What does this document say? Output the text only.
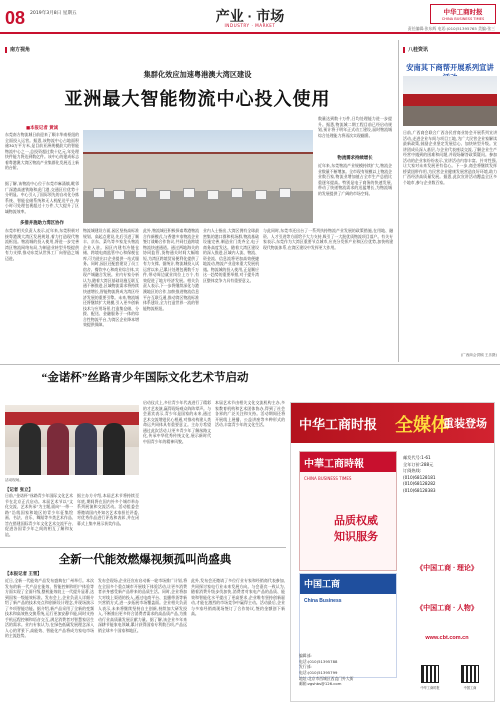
08 2019年3月8日 星期五	产业 · 市场
INDUSTRY · MARKET
责任编辑:张东辉 电话:(010)51395765 美编:张三
中华工商时报
CHINA BUSINESS TIMES
南方视角
集群化效应加速粤港澳大湾区建设
亚洲最大智能物流中心投入使用
■本报记者 黄诚
东莞南方物流城日前迎来了顺丰华南枢纽的全面投入运营。据悉,该物流中心占地面积逾30万平方米,是目前亚洲规模最大的智能物流中心之一,总投资超过数十亿元,年处理快件能力将达到数亿件。该中心的建成标志着粤港澳大湾区物流产业集群化发展迈上新的台阶。
据了解,该物流中心位于东莞市麻涌镇,毗邻广深港高速铁路和虎门港,交通区位优势十分明显。中心引入了国际领先的自动化分拣系统、智能仓储系统和无人机配送平台,每小时可处理包裹超过十万件,大大提升了区域物流效率。
多措并施助力湾区协作
东莞市相关负责人表示,近年来,东莞积极对接粤港澳大湾区发展规划,着力打造现代物流枢纽。物流城的投入使用,将进一步完善湾区物流网络布局,为制造业转型升级提供有力支撑,推动东莞从世界工厂向智造之城迈进。
物流城建设方面,园区坚持高标准规划、高起点建设,先后引进了顺丰、京东、菜鸟等多家龙头物流企业入驻。园区内建有冷链仓储、跨境电商监管中心和保税仓库,可为进出口企业提供一站式服务。同时,园区还配套建设了员工宿舍、餐饮中心和商业综合体,实现产城融合发展。业内专家分析认为,随着大湾区基础设施互联互通不断推进,区域物流需求将持续快速增长,智能物流将成为湾区经济发展的重要引擎。未来,物流城还将继续扩大规模,引入更多创新技术与应用场景,打造集仓储、分拨、配送、金融服务于一体的综合性物流平台,为湾区企业降本增效提供保障。
此外,物流城还积极探索粤港物流合作新模式,与香港多家物流企业签订战略合作协议,共同打造跨境物流快速通道。通过两地海关的协同监管,货物通关时间大幅缩短,为湾区跨境贸易便利化提供了有力支撑。据统计,物流城投入试运营以来,已累计处理包裹数千万件,带动周边就业岗位上万个,有效促进了地方经济发展。相关负责人表示,下一步将继续深化与港澳地区的合作,加快推进物流信息平台互联互通,推动湾区物流标准体系建设,全力打造世界一流的智能物流枢纽。
业内人士指出,大湾区拥有全球最密集的港口群和机场群,物流基础设施完善,制造业门类齐全,电子商务高度发达。随着大湾区建设的深入推进,区域内人流、物流、资金流、信息流将更加高效便捷地流动,物流产业迎来重大发展机遇。物流城的投入使用,正是顺应这一趋势的重要举措,对于提升湾区整体竞争力具有重要意义。
数量达到数十万件,日均处理能力进一步提升。据悉,物流城二期工程目前已经启动规划,预计将于明年正式动工建设,届时物流城综合处理能力将再次实现翻番。
物流需求持续增长
近年来,东莞物流产业规模持续扩大,物流企业数量不断增加。全市现有规模以上物流企业数百家,物流业增加值占全市生产总值比重逐年提高。特别是电子商务的快速发展,带动了快递物流需求的迅猛增长,为物流城的发展提供了广阔的市场空间。
与此同时,东莞市还出台了一系列扶持物流产业发展的政策措施,在用地、融资、人才引进等方面给予大力支持,吸引了一大批优质物流项目落户。有关专家表示,东莞作为大湾区重要节点城市,应充分发挥产业和区位优势,加快构建现代物流体系,在湾区建设中发挥更大作用。
八桂资讯
安南其下商帮开展系列宣讲
日前,广西商会联合广西各民营商业协会开展系列宣讲活动,走进企业车间与项目工地,为广大民营企业家解读最新政策,鼓励企业坚定发展信心、加快转型升级。宣讲团成员深入基层,与企业代表座谈交流,了解企业生产经营中遇到的困难和问题,并现场解答政策疑问。参加活动的企业家纷纷表示,宣讲活动内容丰富、针对性强,让大家对未来发展更有信心。下一步,商会将继续发挥桥梁纽带作用,为民营企业健康发展营造良好环境,助力广西经济高质量发展。据悉,此次宣讲活动覆盖全区多个地市,参与企业数百家。
(广西商会供稿 王乐摄)
“金诺杯”丝路青少年国际文化艺术节启动
活动现场。
【记者 张立】
日前,“金诺杯”丝路青少年国际文化艺术节在北京正式启动。本届艺术节以“文化交流、艺术传承”为主题,面向“一带一路”沿线国家和地区的青少年征集绘画、书法、音乐、舞蹈等多类艺术作品,旨在搭建国际青少年文化艺术交流平台,促进各国青少年之间的相互了解和友谊。
据主办方介绍,本届艺术节将持续至年底,期间将在国内外多个城市举办系列展演和交流活动。活动组委会将邀请国内外知名艺术家担任评委,对优秀作品进行评选和表彰,并在闭幕式上集中展示获奖作品。
启动仪式上,多位青少年代表进行了精彩的才艺表演,赢得现场观众阵阵掌声。与会嘉宾表示,青少年是国家的未来,通过艺术交流增进民心相通,对推动构建人类命运共同体具有重要意义。主办方希望通过此次活动,让更多青少年了解丝路文化,传承中华优秀传统文化,展示新时代中国青少年的精神风貌。
本届艺术节由相关文化交流机构主办,多家教育机构和艺术团体协办,得到了社会各界的广泛关注和支持。活动期间还将开展线上展播、公益讲座等多种形式的活动,丰富青少年的文化生活。
全新一代能效燃爆视频孤叫尚盛典
【本报记者 王雪】
近日,全新一代能效产品发布盛典在广州举行。本次发布的新一代产品在能效、智能控制和用户体验等方面实现了全面升级,整机能效较上一代提升显著,达到国家一级能效标准。发布会上,企业负责人详细介绍了新产品的技术亮点和创新设计理念,并现场演示了多项智能功能。据介绍,新产品采用了全新的变频技术和高效热交换系统,运行更加安静节能,同时支持手机远程控制和语音交互,满足消费者对智慧家居生活的需求。业内专家认为,在绿色低碳发展理念深入人心的背景下,高能效、智能化产品将成为家电市场的主流趋势。
发布会现场,企业还宣布启动新一轮市场推广计划,将在全国多个重点城市开展线下体验活动,让更多消费者亲身感受新产品带来的品质生活。同时,企业将加大对线上渠道的投入,通过电商平台、直播带货等新兴营销方式,进一步拓展市场覆盖面。企业相关负责人表示,未来将继续坚持自主创新,持续加大研发投入,不断推出更多符合消费者需求的高品质产品,为推动行业高质量发展贡献力量。据了解,该企业多年来深耕节能家电领域,累计获得国家专利数百项,产品远销全球多个国家和地区。
此外,发布会还邀请了多位行业专家和经销商代表参加,共同探讨家电行业未来发展方向。与会嘉宾一致认为,随着消费升级步伐加快,消费者对家电产品的品质、能效和智能化水平提出了更高要求,企业唯有坚持创新驱动,才能在激烈的市场竞争中赢得主动。活动最后,企业与多家经销商现场签订了合作协议,签约金额创下新高。
中华工商时报 全媒体
重装登场
中華工商時報
CHINA BUSINESS TIMES
品质权威
知识服务
中国工商
China Business
邮发代号:1-61
全年订价:288元
订阅热线:
(010)68128181
(010)68128282
(010)68128383
《中国工商 · 理论》
《中国工商 · 人物》
www.cbt.com.cn
中华工商时报	中国工商
编辑部:
电话:(010)51395788
发行部:
电话:(010)51395799
地址:北京市西城区西直门外大街
邮箱:zgshbs@126.com
